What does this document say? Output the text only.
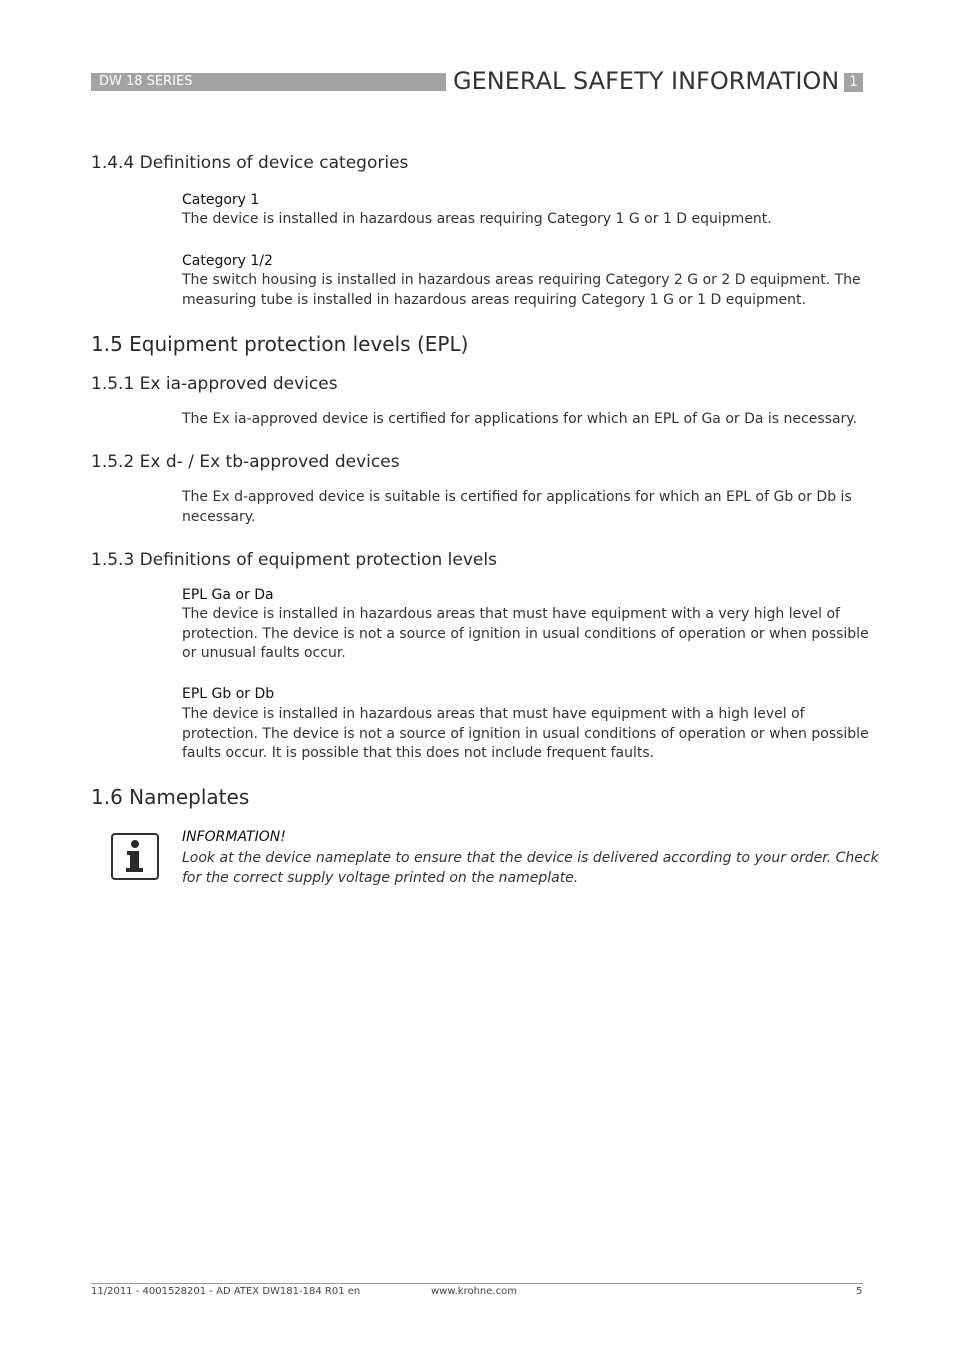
DW 18 SERIES	GENERAL SAFETY INFORMATION 1
1.4.4 Definitions of device categories
Category 1
The device is installed in hazardous areas requiring Category 1 G or 1 D equipment.
Category 1/2
The switch housing is installed in hazardous areas requiring Category 2 G or 2 D equipment. The measuring tube is installed in hazardous areas requiring Category 1 G or 1 D equipment.
1.5 Equipment protection levels (EPL)
1.5.1 Ex ia-approved devices
The Ex ia-approved device is certified for applications for which an EPL of Ga or Da is necessary.
1.5.2 Ex d- / Ex tb-approved devices
The Ex d-approved device is suitable is certified for applications for which an EPL of Gb or Db is necessary.
1.5.3 Definitions of equipment protection levels
EPL Ga or Da
The device is installed in hazardous areas that must have equipment with a very high level of protection. The device is not a source of ignition in usual conditions of operation or when possible or unusual faults occur.
EPL Gb or Db
The device is installed in hazardous areas that must have equipment with a high level of protection. The device is not a source of ignition in usual conditions of operation or when possible faults occur. It is possible that this does not include frequent faults.
1.6 Nameplates
INFORMATION!
Look at the device nameplate to ensure that the device is delivered according to your order. Check for the correct supply voltage printed on the nameplate.
11/2011 - 4001528201 - AD ATEX DW181-184 R01 en	www.krohne.com	5
